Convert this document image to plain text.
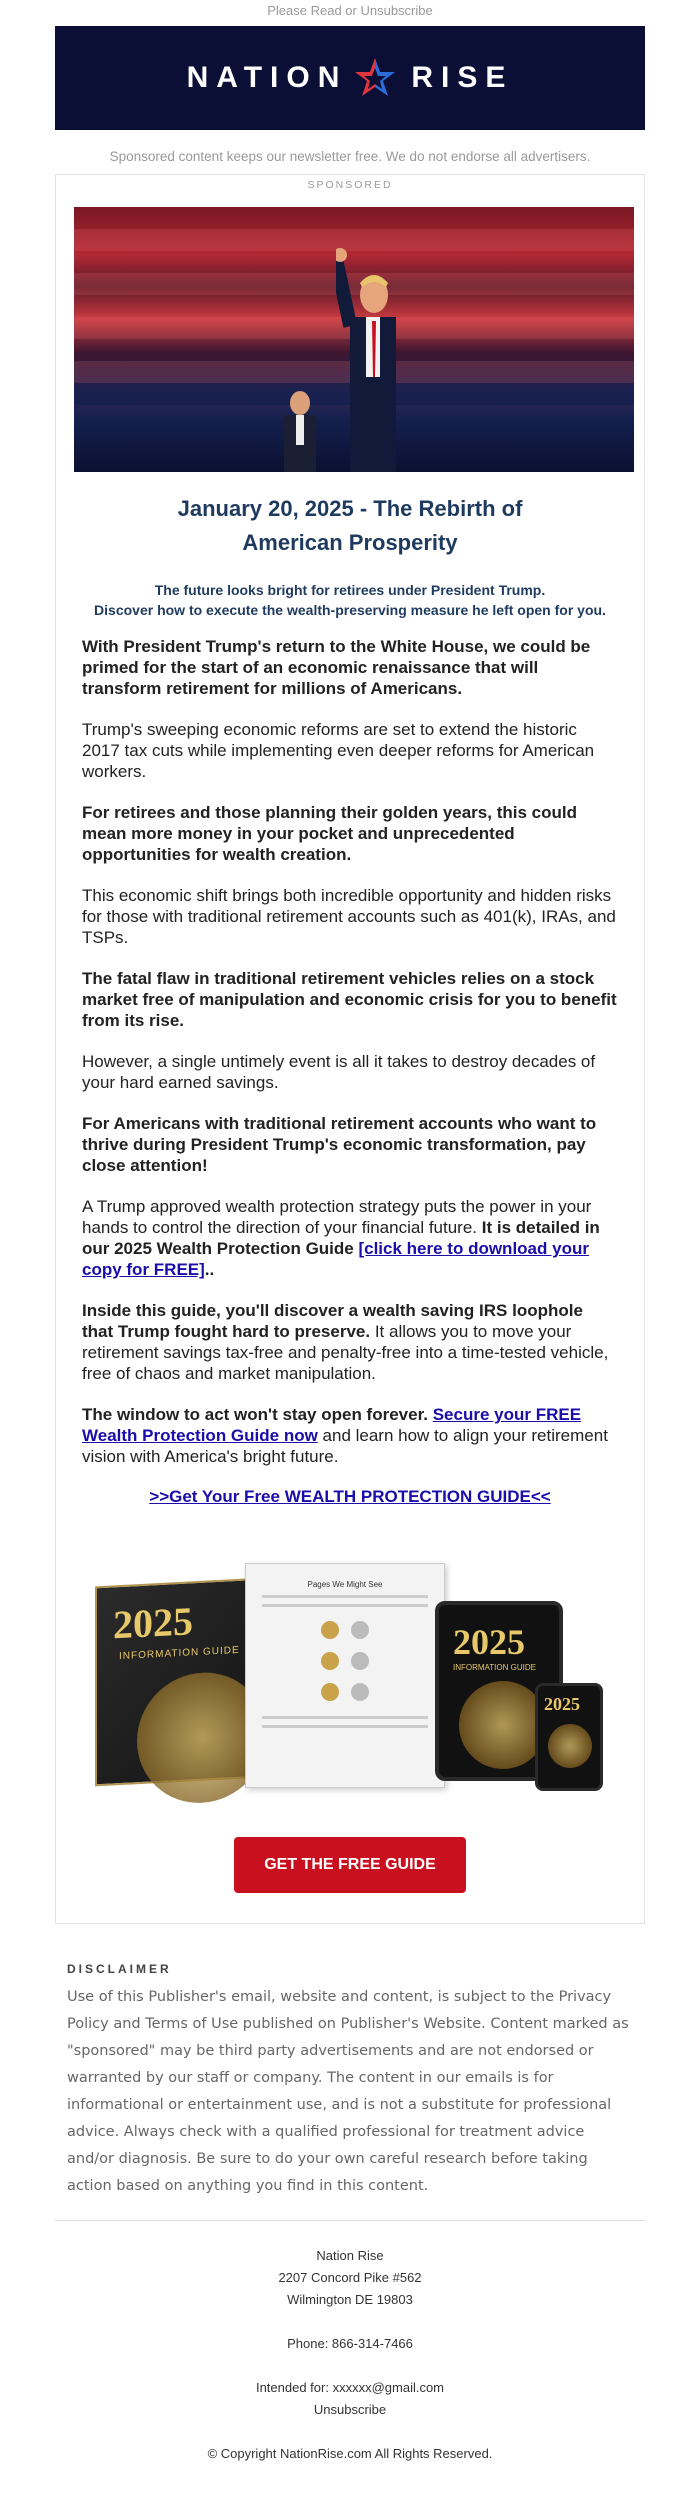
Please Read or Unsubscribe
NATION RISE
Sponsored content keeps our newsletter free. We do not endorse all advertisers.
SPONSORED
January 20, 2025 - The Rebirth of
American Prosperity
The future looks bright for retirees under President Trump.
Discover how to execute the wealth-preserving measure he left open for you.

With President Trump's return to the White House, we could be primed for the start of an economic renaissance that will transform retirement for millions of Americans.

Trump's sweeping economic reforms are set to extend the historic 2017 tax cuts while implementing even deeper reforms for American workers.

For retirees and those planning their golden years, this could mean more money in your pocket and unprecedented opportunities for wealth creation.

This economic shift brings both incredible opportunity and hidden risks for those with traditional retirement accounts such as 401(k), IRAs, and TSPs.

The fatal flaw in traditional retirement vehicles relies on a stock market free of manipulation and economic crisis for you to benefit from its rise.

However, a single untimely event is all it takes to destroy decades of your hard earned savings.

For Americans with traditional retirement accounts who want to thrive during President Trump's economic transformation, pay close attention!

A Trump approved wealth protection strategy puts the power in your hands to control the direction of your financial future. It is detailed in our 2025 Wealth Protection Guide [click here to download your copy for FREE]..

Inside this guide, you'll discover a wealth saving IRS loophole that Trump fought hard to preserve. It allows you to move your retirement savings tax-free and penalty-free into a time-tested vehicle, free of chaos and market manipulation.

The window to act won't stay open forever. Secure your FREE Wealth Protection Guide now and learn how to align your retirement vision with America's bright future.

>>Get Your Free WEALTH PROTECTION GUIDE<<
2025
INFORMATION GUIDE
Pages We Might See

2025
INFORMATION GUIDE
2025
GET THE FREE GUIDE
DISCLAIMER

Use of this Publisher's email, website and content, is subject to the Privacy Policy and Terms of Use published on Publisher's Website. Content marked as "sponsored" may be third party advertisements and are not endorsed or warranted by our staff or company. The content in our emails is for informational or entertainment use, and is not a substitute for professional advice. Always check with a qualified professional for treatment advice and/or diagnosis. Be sure to do your own careful research before taking action based on anything you find in this content.

Nation Rise
2207 Concord Pike #562
Wilmington DE 19803
Phone: 866-314-7466
Intended for: xxxxxx@gmail.com
Unsubscribe
© Copyright NationRise.com All Rights Reserved.
